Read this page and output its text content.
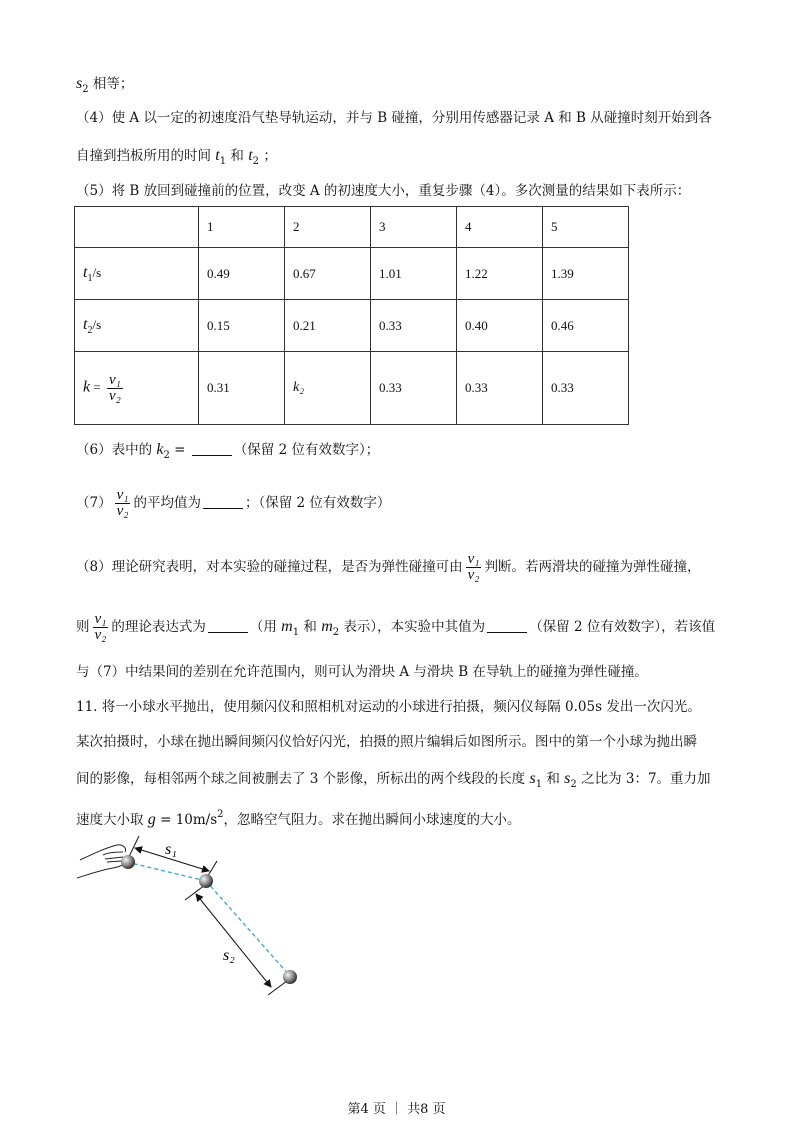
$s_2$ 相等；
（4）使 A 以一定的初速度沿气垫导轨运动，并与 B 碰撞，分别用传感器记录 A 和 B 从碰撞时刻开始到各
自撞到挡板所用的时间 $t_1$ 和 $t_2$ ；
（5）将 B 放回到碰撞前的位置，改变 A 的初速度大小，重复步骤（4）。多次测量的结果如下表所示：
	1	2	3	4	5
$t_1/s$	0.49	0.67	1.01	1.22	1.39
$t_2/s$	0.15	0.21	0.33	0.40	0.46
$k = \frac{\text{v₁}}{\text{v₂}}$	0.31	k₂	0.33	0.33	0.33
（6）表中的 $k_2$ =	（保留 2 位有效数字）；
$(7) \frac{\text{v₁}}{\text{v₂}}$ 的平均值为	；（保留 2 位有效数字）
（8）理论研究表明，对本实验的碰撞过程，是否为弹性碰撞可由 $\frac{\text{v₁}}{\text{v₂}}$ 判断。若两滑块的碰撞为弹性碰撞，
则 $\frac{\text{v₁}}{\text{v₂}}$ 的理论表达式为	（用 $m_1$ 和 $m_2$ 表示），本实验中其值为	（保留 2 位有效数字），若该值
与（7）中结果间的差别在允许范围内，则可认为滑块 A 与滑块 B 在导轨上的碰撞为弹性碰撞。
11. 将一小球水平抛出，使用频闪仪和照相机对运动的小球进行拍摄，频闪仪每隔 0.05s 发出一次闪光。
某次拍摄时，小球在抛出瞬间频闪仪恰好闪光，拍摄的照片编辑后如图所示。图中的第一个小球为抛出瞬
间的影像，每相邻两个球之间被删去了 3 个影像，所标出的两个线段的长度 $s_1$ 和 $s_2$ 之比为 3：7。重力加
速度大小取 $g = 10m/s^2$，忽略空气阻力。求在抛出瞬间小球速度的大小。
s₁
s₂
第4 页 ｜ 共8 页
